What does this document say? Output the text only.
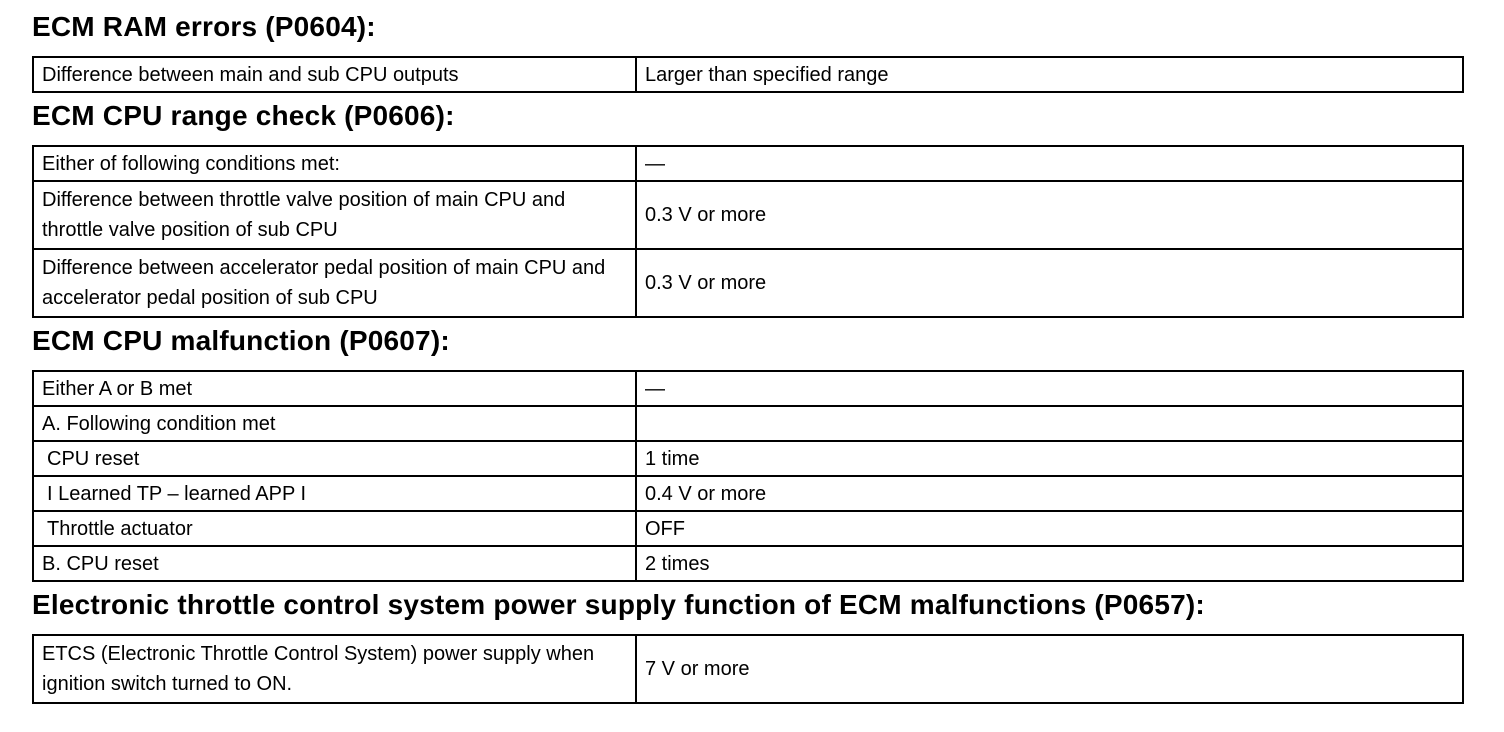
ECM RAM errors (P0604):
Difference between main and sub CPU outputs	Larger than specified range
ECM CPU range check (P0606):
Either of following conditions met:	—
Difference between throttle valve position of main CPU and throttle valve position of sub CPU	0.3 V or more
Difference between accelerator pedal position of main CPU and accelerator pedal position of sub CPU	0.3 V or more
ECM CPU malfunction (P0607):
Either A or B met	—
A. Following condition met	
CPU reset	1 time
I Learned TP – learned APP I	0.4 V or more
Throttle actuator	OFF
B. CPU reset	2 times
Electronic throttle control system power supply function of ECM malfunctions (P0657):
ETCS (Electronic Throttle Control System) power supply when ignition switch turned to ON.	7 V or more
